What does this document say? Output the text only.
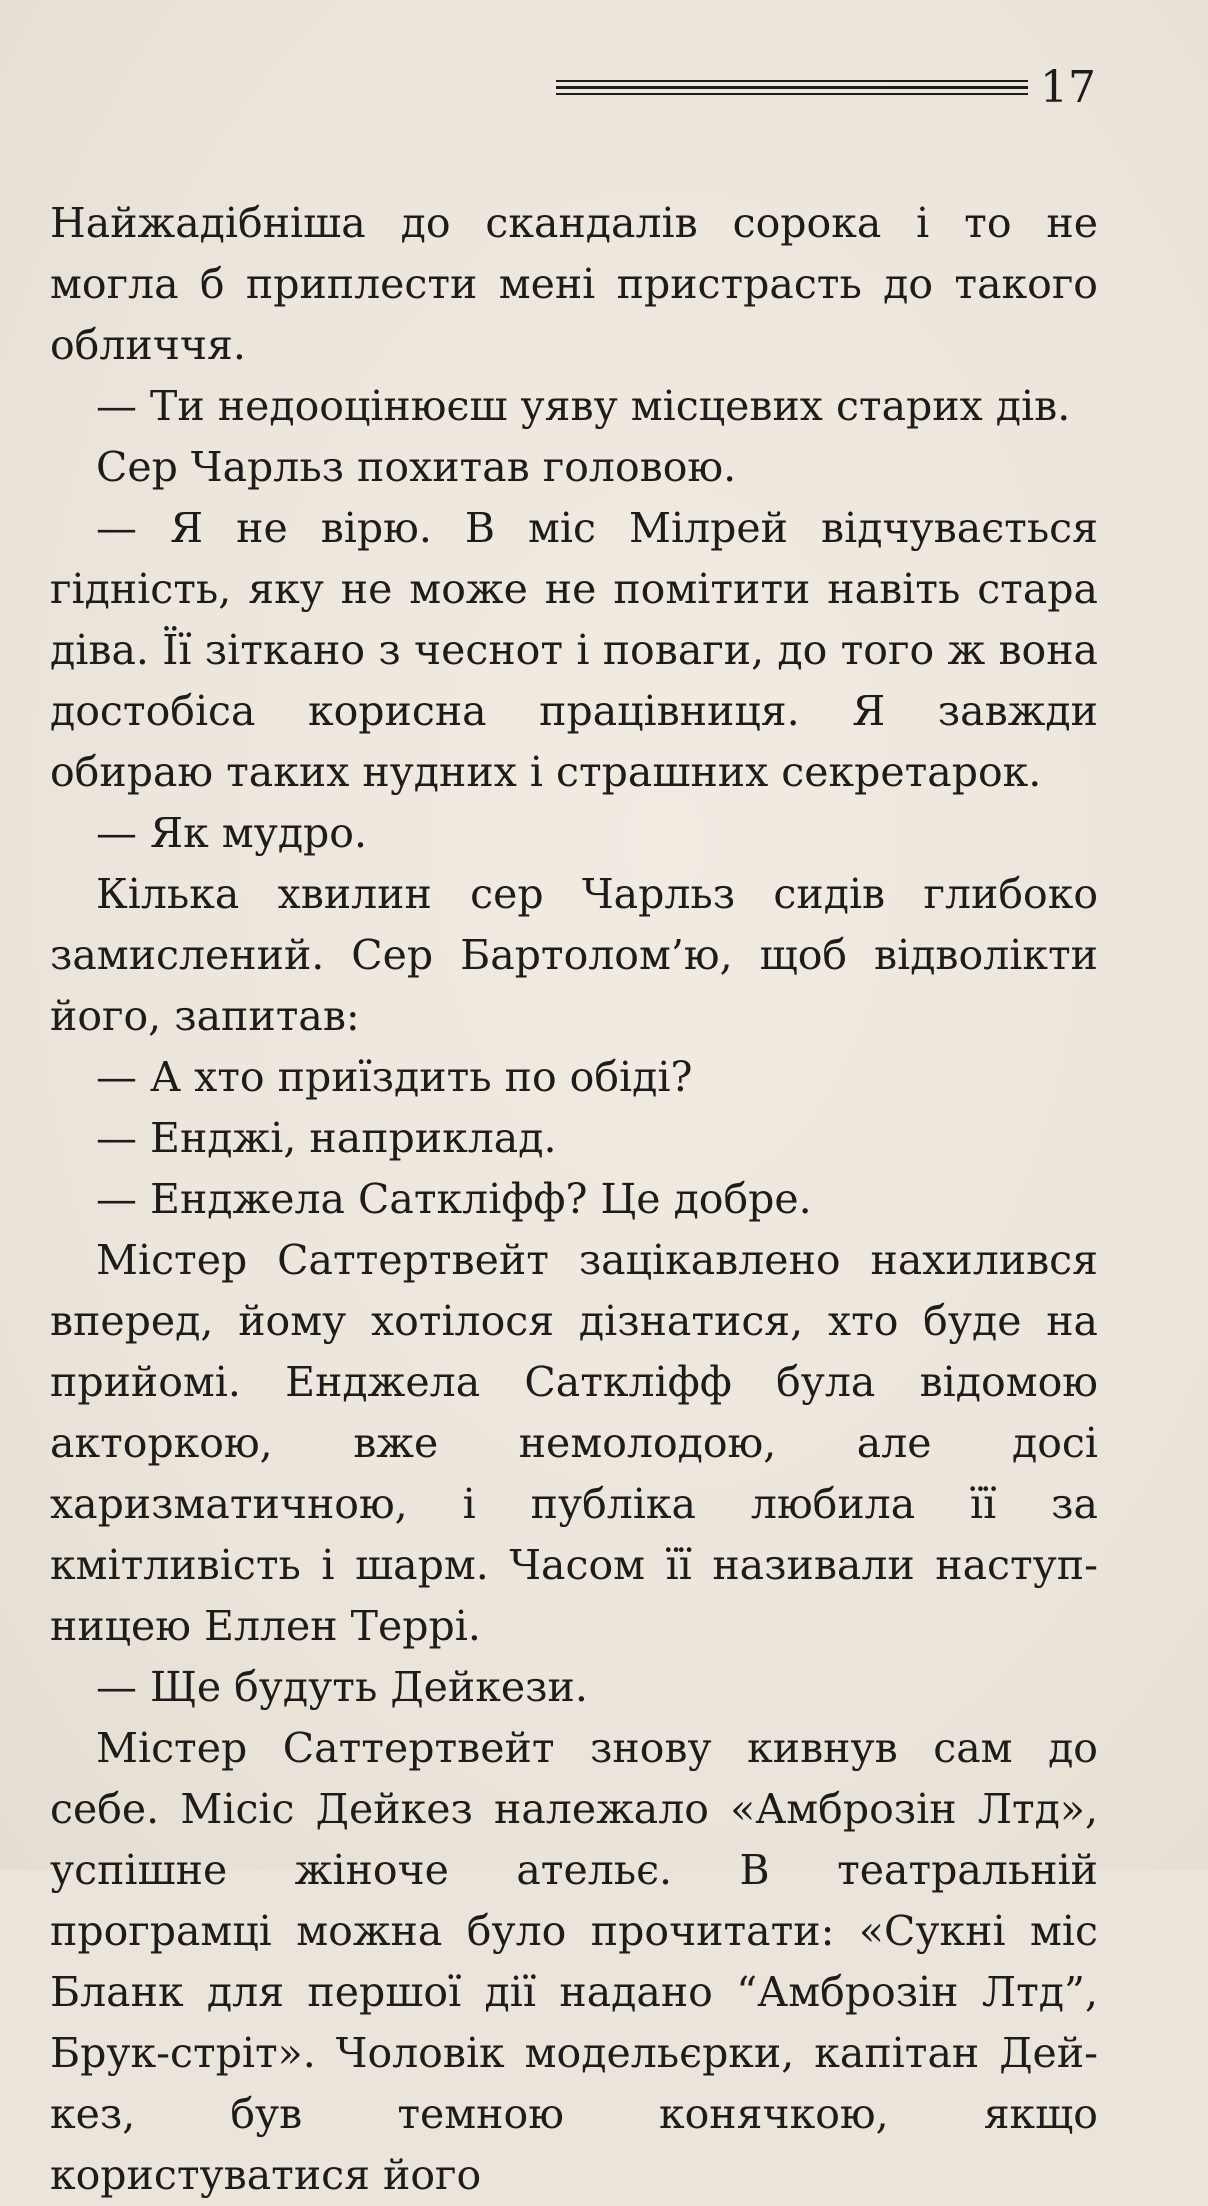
17

Найжадібніша до скандалів сорока і то не могла б приплести мені пристрасть до такого обличчя.

— Ти недооцінюєш уяву місцевих старих дів.

Сер Чарльз похитав головою.

— Я не вірю. В міс Мілрей відчувається гідність, яку не може не помітити навіть стара діва. Її зіткано з чеснот і поваги, до того ж вона достобіса корисна працівниця. Я завжди обираю таких нудних і страшних секретарок.

— Як мудро.

Кілька хвилин сер Чарльз сидів глибоко замислений. Сер Бартолом’ю, щоб відволікти його, запитав:

— А хто приїздить по обіді?

— Енджі, наприклад.

— Енджела Саткліфф? Це добре.

Містер Саттертвейт зацікавлено нахилився вперед, йому хотілося дізнатися, хто буде на прийомі. Енджела Саткліфф була відомою акторкою, вже немолодою, але досі харизматичною, і публіка любила її за кмітливість і шарм. Часом її називали наступницею Еллен Террі.

— Ще будуть Дейкези.

Містер Саттертвейт знову кивнув сам до себе. Місіс Дейкез належало «Амброзін Лтд», успішне жіноче ательє. В театральній програмці можна було прочитати: «Сукні міс Бланк для першої дії надано “Амброзін Лтд”, Брук-стріт». Чоловік модельєрки, капітан Дейкез, був темною конячкою, якщо користуватися його
